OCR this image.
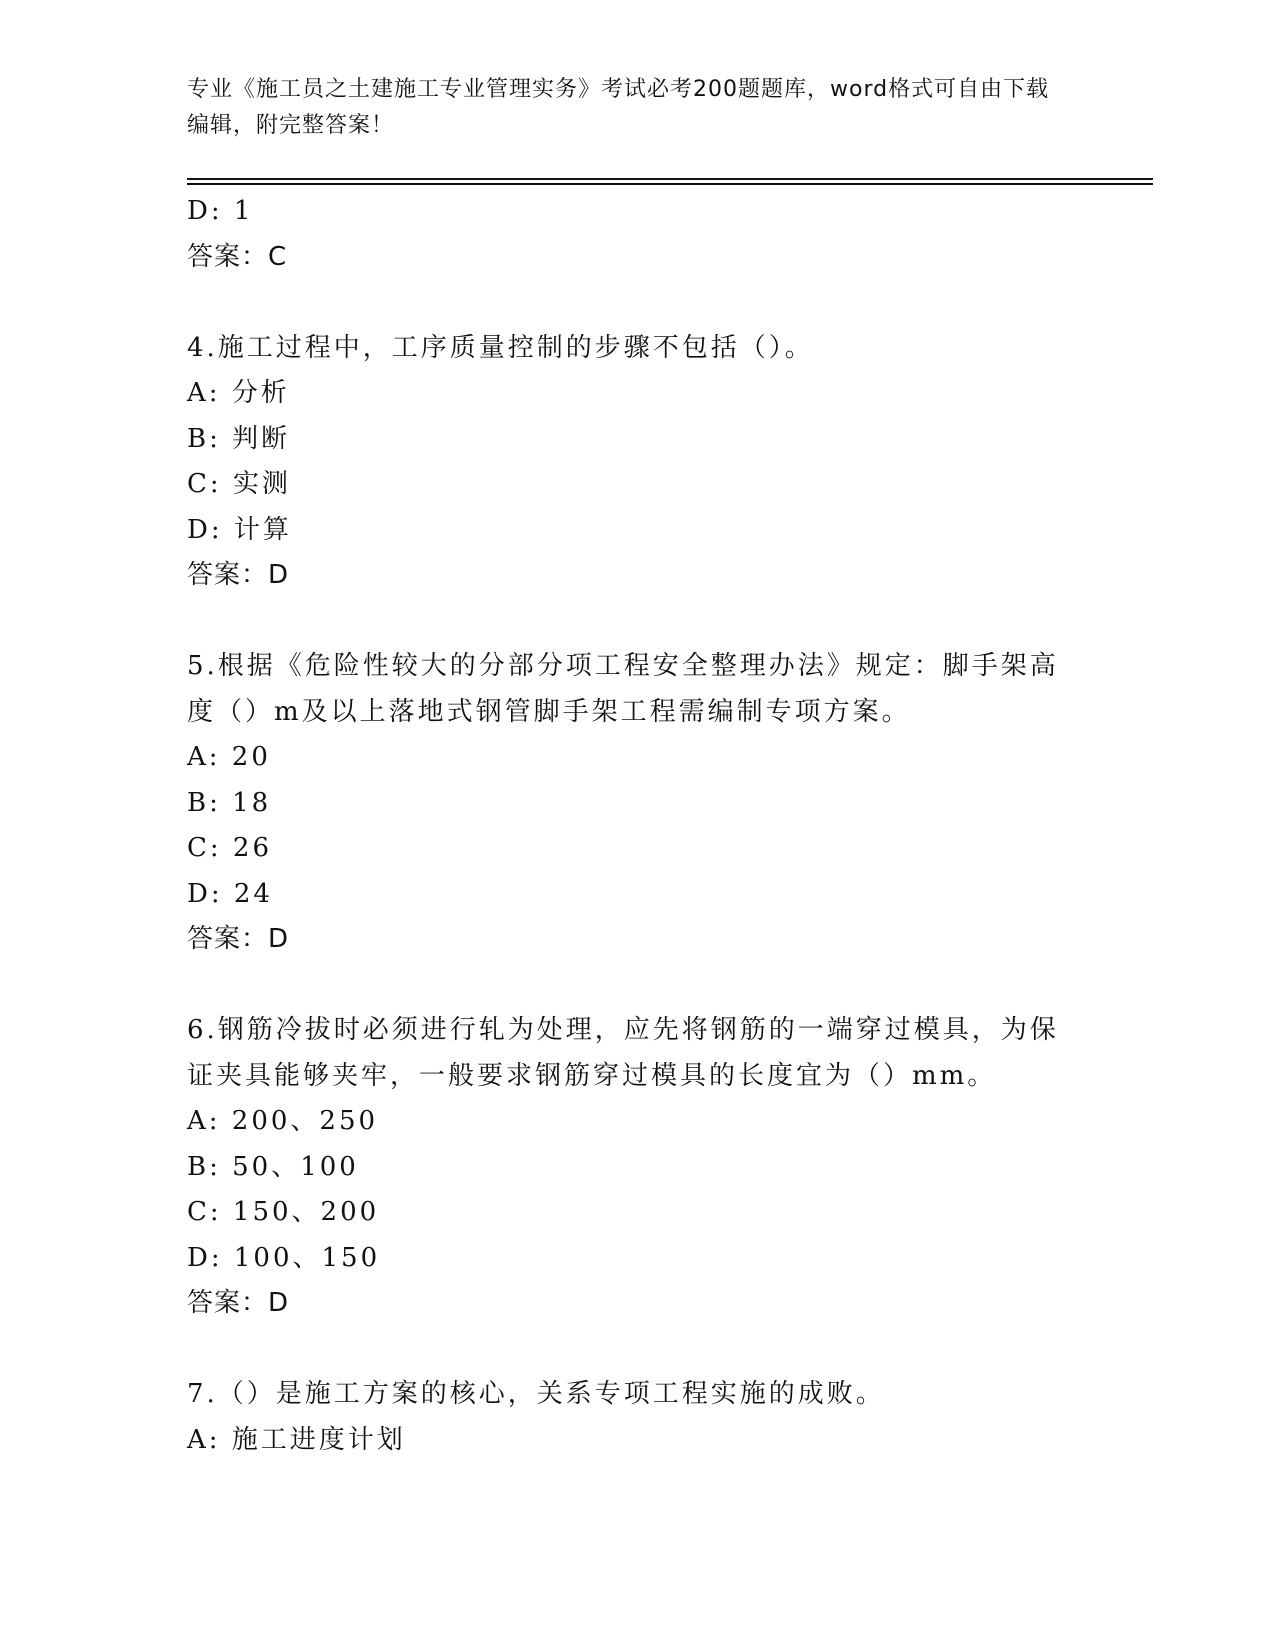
专业《施工员之土建施工专业管理实务》考试必考200题题库，word格式可自由下载编辑，附完整答案！
D: 1
答案：C
4.施工过程中，工序质量控制的步骤不包括（）。
A: 分析
B: 判断
C: 实测
D: 计算
答案：D
5.根据《危险性较大的分部分项工程安全整理办法》规定：脚手架高
度（）m及以上落地式钢管脚手架工程需编制专项方案。
A: 20
B: 18
C: 26
D: 24
答案：D
6.钢筋冷拔时必须进行轧为处理，应先将钢筋的一端穿过模具，为保
证夹具能够夹牢，一般要求钢筋穿过模具的长度宜为（）mm。
A: 200、250
B: 50、100
C: 150、200
D: 100、150
答案：D
7.（）是施工方案的核心，关系专项工程实施的成败。
A: 施工进度计划
